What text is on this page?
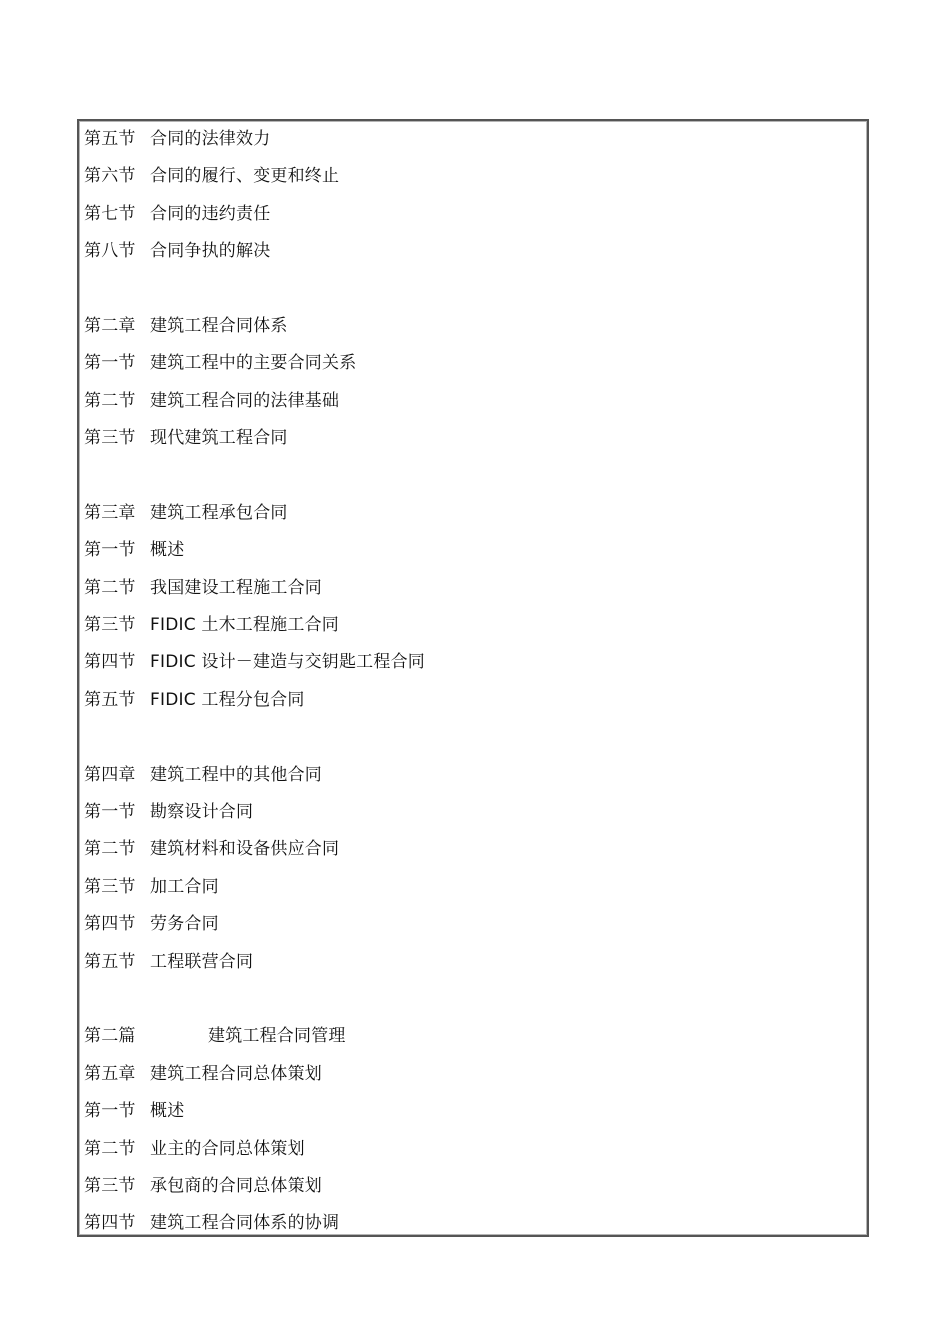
第五节 合同的法律效力
第六节 合同的履行、变更和终止
第七节 合同的违约责任
第八节 合同争执的解决
第二章 建筑工程合同体系
第一节 建筑工程中的主要合同关系
第二节 建筑工程合同的法律基础
第三节 现代建筑工程合同
第三章 建筑工程承包合同
第一节 概述
第二节 我国建设工程施工合同
第三节 FIDIC 土木工程施工合同
第四节 FIDIC 设计－建造与交钥匙工程合同
第五节 FIDIC 工程分包合同
第四章 建筑工程中的其他合同
第一节 勘察设计合同
第二节 建筑材料和设备供应合同
第三节 加工合同
第四节 劳务合同
第五节 工程联营合同
第二篇	建筑工程合同管理
第五章 建筑工程合同总体策划
第一节 概述
第二节 业主的合同总体策划
第三节 承包商的合同总体策划
第四节 建筑工程合同体系的协调
